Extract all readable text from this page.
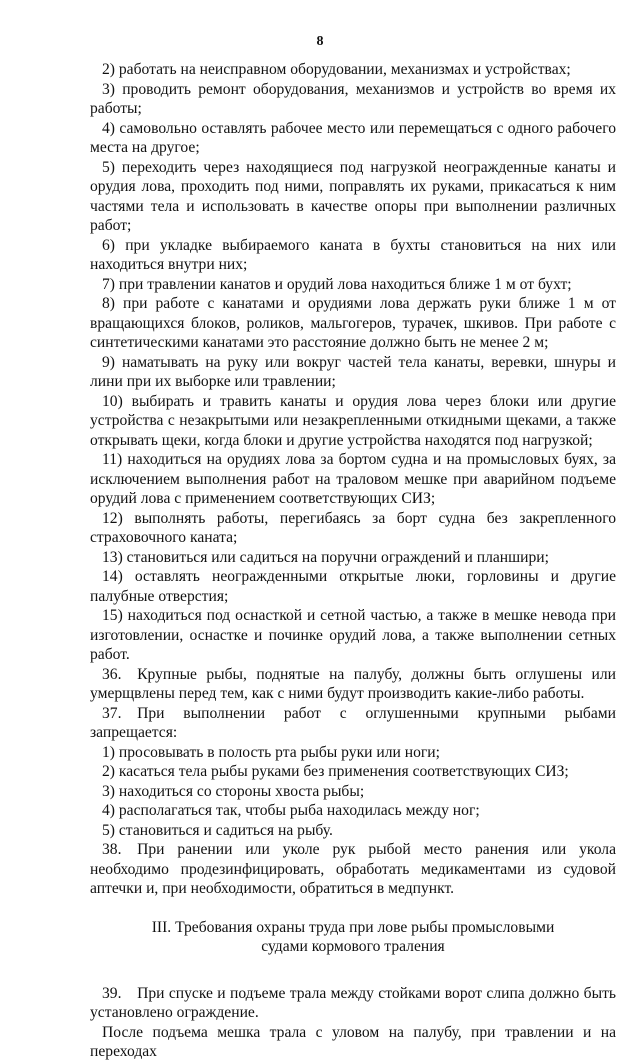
8

2) работать на неисправном оборудовании, механизмах и устройствах;

3) проводить ремонт оборудования, механизмов и устройств во время их работы;

4) самовольно оставлять рабочее место или перемещаться с одного рабочего места на другое;

5) переходить через находящиеся под нагрузкой неогражденные канаты и орудия лова, проходить под ними, поправлять их руками, прикасаться к ним частями тела и использовать в качестве опоры при выполнении различных работ;

6) при укладке выбираемого каната в бухты становиться на них или находиться внутри них;

7) при травлении канатов и орудий лова находиться ближе 1 м от бухт;

8) при работе с канатами и орудиями лова держать руки ближе 1 м от вращающихся блоков, роликов, мальгогеров, турачек, шкивов. При работе с синтетическими канатами это расстояние должно быть не менее 2 м;

9) наматывать на руку или вокруг частей тела канаты, веревки, шнуры и лини при их выборке или травлении;

10) выбирать и травить канаты и орудия лова через блоки или другие устройства с незакрытыми или незакрепленными откидными щеками, а также открывать щеки, когда блоки и другие устройства находятся под нагрузкой;

11) находиться на орудиях лова за бортом судна и на промысловых буях, за исключением выполнения работ на траловом мешке при аварийном подъеме орудий лова с применением соответствующих СИЗ;

12) выполнять работы, перегибаясь за борт судна без закрепленного страховочного каната;

13) становиться или садиться на поручни ограждений и планшири;

14) оставлять неогражденными открытые люки, горловины и другие палубные отверстия;

15) находиться под оснасткой и сетной частью, а также в мешке невода при изготовлении, оснастке и починке орудий лова, а также выполнении сетных работ.

36. Крупные рыбы, поднятые на палубу, должны быть оглушены или умерщвлены перед тем, как с ними будут производить какие-либо работы.

37. При выполнении работ с оглушенными крупными рыбами запрещается:

1) просовывать в полость рта рыбы руки или ноги;

2) касаться тела рыбы руками без применения соответствующих СИЗ;

3) находиться со стороны хвоста рыбы;

4) располагаться так, чтобы рыба находилась между ног;

5) становиться и садиться на рыбу.

38. При ранении или уколе рук рыбой место ранения или укола необходимо продезинфицировать, обработать медикаментами из судовой аптечки и, при необходимости, обратиться в медпункт.

III. Требования охраны труда при лове рыбы промысловыми
судами кормового траления

39. При спуске и подъеме трала между стойками ворот слипа должно быть установлено ограждение.

После подъема мешка трала с уловом на палубу, при травлении и на переходах
